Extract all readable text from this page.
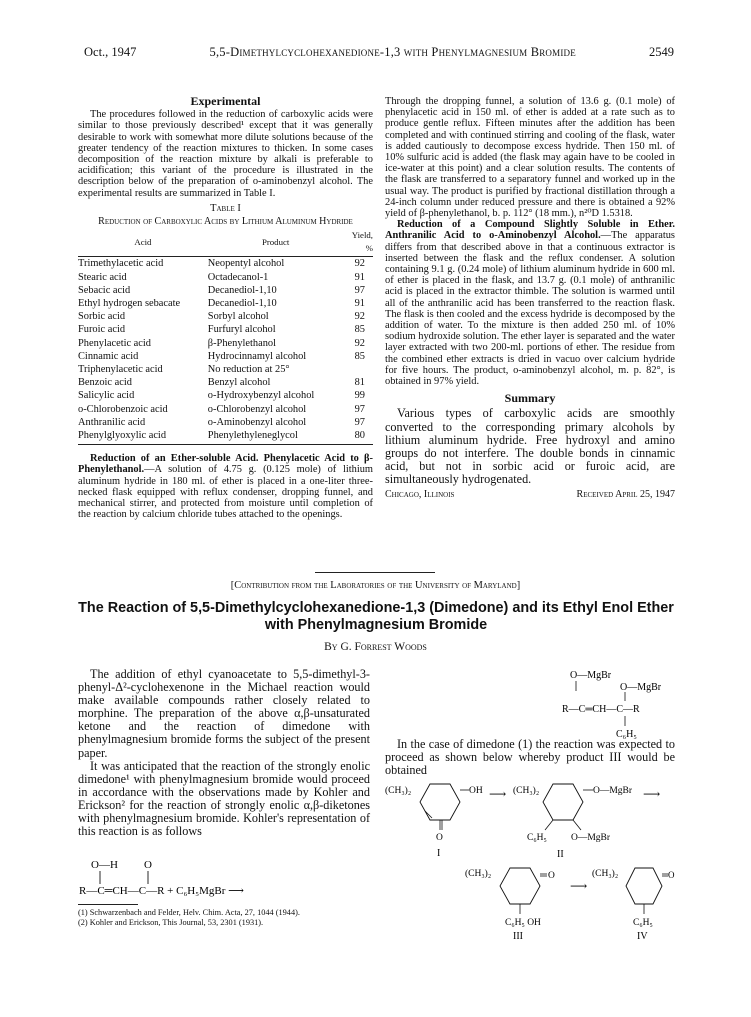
Oct., 1947	5,5-Dimethylcyclohexanedione-1,3 with Phenylmagnesium Bromide	2549
Experimental

The procedures followed in the reduction of carboxylic acids were similar to those previously described¹ except that it was generally desirable to work with somewhat more dilute solutions because of the greater tendency of the reaction mixtures to thicken. In some cases decomposition of the reaction mixture by alkali is preferable to acidification; this variant of the procedure is illustrated in the description below of the preparation of o-aminobenzyl alcohol. The experimental results are summarized in Table I.

Table I
Reduction of Carboxylic Acids by Lithium Aluminum Hydride
Acid	Product	Yield, %
Trimethylacetic acid	Neopentyl alcohol	92
Stearic acid	Octadecanol-1	91
Sebacic acid	Decanediol-1,10	97
Ethyl hydrogen sebacate	Decanediol-1,10	91
Sorbic acid	Sorbyl alcohol	92
Furoic acid	Furfuryl alcohol	85
Phenylacetic acid	β-Phenylethanol	92
Cinnamic acid	Hydrocinnamyl alcohol	85
Triphenylacetic acid	No reduction at 25°	
Benzoic acid	Benzyl alcohol	81
Salicylic acid	o-Hydroxybenzyl alcohol	99
o-Chlorobenzoic acid	o-Chlorobenzyl alcohol	97
Anthranilic acid	o-Aminobenzyl alcohol	97
Phenylglyoxylic acid	Phenylethyleneglycol	80

Reduction of an Ether-soluble Acid. Phenylacetic Acid to β-Phenylethanol.—A solution of 4.75 g. (0.125 mole) of lithium aluminum hydride in 180 ml. of ether is placed in a one-liter three-necked flask equipped with reflux condenser, dropping funnel, and mechanical stirrer, and protected from moisture until completion of the reaction by calcium chloride tubes attached to the openings.

Through the dropping funnel, a solution of 13.6 g. (0.1 mole) of phenylacetic acid in 150 ml. of ether is added at a rate such as to produce gentle reflux. Fifteen minutes after the addition has been completed and with continued stirring and cooling of the flask, water is added cautiously to decompose excess hydride. Then 150 ml. of 10% sulfuric acid is added (the flask may again have to be cooled in ice-water at this point) and a clear solution results. The contents of the flask are transferred to a separatory funnel and worked up in the usual way. The product is purified by fractional distillation through a 24-inch column under reduced pressure and there is obtained a 92% yield of β-phenylethanol, b. p. 112° (18 mm.), n²⁰D 1.5318.

Reduction of a Compound Slightly Soluble in Ether. Anthranilic Acid to o-Aminobenzyl Alcohol.—The apparatus differs from that described above in that a continuous extractor is inserted between the flask and the reflux condenser. A solution containing 9.1 g. (0.24 mole) of lithium aluminum hydride in 600 ml. of ether is placed in the flask, and 13.7 g. (0.1 mole) of anthranilic acid is placed in the extractor thimble. The solution is warmed until all of the anthranilic acid has been transferred to the reaction flask. The flask is then cooled and the excess hydride is decomposed by the addition of water. To the mixture is then added 250 ml. of 10% sodium hydroxide solution. The ether layer is separated and the water layer extracted with two 200-ml. portions of ether. The residue from the combined ether extracts is dried in vacuo over calcium hydride for five hours. The product, o-aminobenzyl alcohol, m. p. 82°, is obtained in 97% yield.

Summary

Various types of carboxylic acids are smoothly converted to the corresponding primary alcohols by lithium aluminum hydride. Free hydroxyl and amino groups do not interfere. The double bonds in cinnamic acid, but not in sorbic acid or furoic acid, are simultaneously hydrogenated.

Chicago, Illinois	Received April 25, 1947
[Contribution from the Laboratories of the University of Maryland]
The Reaction of 5,5-Dimethylcyclohexanedione-1,3 (Dimedone) and its Ethyl Enol Ether with Phenylmagnesium Bromide
By G. Forrest Woods

The addition of ethyl cyanoacetate to 5,5-dimethyl-3-phenyl-Δ²-cyclohexenone in the Michael reaction would make available compounds rather closely related to morphine. The preparation of the above α,β-unsaturated ketone and the reaction of dimedone with phenylmagnesium bromide forms the subject of the present paper.

It was anticipated that the reaction of the strongly enolic dimedone¹ with phenylmagnesium bromide would proceed in accordance with the observations made by Kohler and Erickson² for the reaction of strongly enolic α,β-diketones with phenylmagnesium bromide. Kohler's representation of this reaction is as follows

O—H O
R—C═CH—C—R + C₆H₅MgBr ⟶
(1) Schwarzenbach and Felder, Helv. Chim. Acta, 27, 1044 (1944).
(2) Kohler and Erickson, This Journal, 53, 2301 (1931).
O—MgBr
O—MgBr
R—C═CH—C—R
C₆H₅

In the case of dimedone (1) the reaction was expected to proceed as shown below whereby product III would be obtained

(CH₃)₂	OH
O
I
⟶ (CH₃)₂	O—MgBr
C₆H₅	O—MgBr
II
⟶
(CH₃)₂	O
C₆H₅ OH
III
⟶
(CH₃)₂	O
C₆H₅
IV
